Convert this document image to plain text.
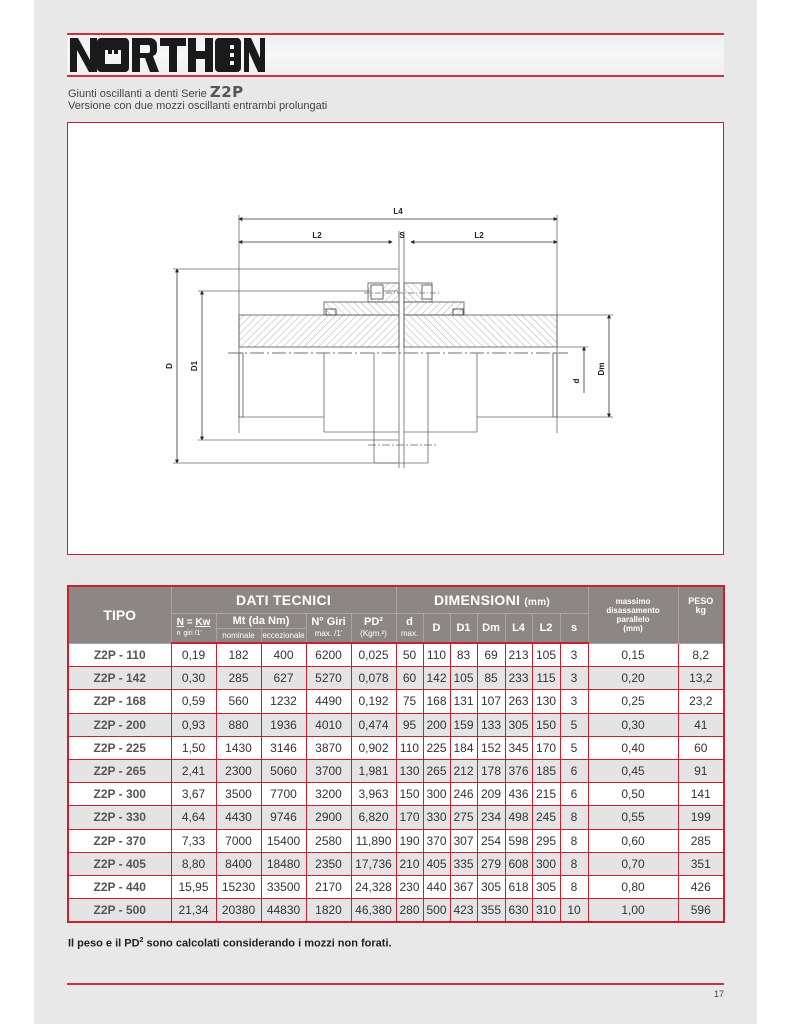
Giunti oscillanti a denti Serie Z2P
Versione con due mozzi oscillanti entrambi prolungati
L4
L2	S	L2
D D1
d
Dm
TIPO	DATI TECNICI					DIMENSIONI (mm)							massimo
disassamento
parallelo
(mm)	PESO
kg
N = Kw
n giri /1'	
Mt (da Nm)
nominale eccezionale
	N° Giri
max. /1'
	PD²
(Kgm.²)
	d
max.	D	D1	Dm	L4	L2	s
Z2P - 110	0,19	182	400	6200	0,025	50	110	83	69	213	105	3	0,15	8,2
Z2P - 142	0,30	285	627	5270	0,078	60	142	105	85	233	115	3	0,20	13,2
Z2P - 168	0,59	560	1232	4490	0,192	75	168	131	107	263	130	3	0,25	23,2
Z2P - 200	0,93	880	1936	4010	0,474	95	200	159	133	305	150	5	0,30	41
Z2P - 225	1,50	1430	3146	3870	0,902	110	225	184	152	345	170	5	0,40	60
Z2P - 265	2,41	2300	5060	3700	1,981	130	265	212	178	376	185	6	0,45	91
Z2P - 300	3,67	3500	7700	3200	3,963	150	300	246	209	436	215	6	0,50	141
Z2P - 330	4,64	4430	9746	2900	6,820	170	330	275	234	498	245	8	0,55	199
Z2P - 370	7,33	7000	15400	2580	11,890	190	370	307	254	598	295	8	0,60	285
Z2P - 405	8,80	8400	18480	2350	17,736	210	405	335	279	608	300	8	0,70	351
Z2P - 440	15,95	15230	33500	2170	24,328	230	440	367	305	618	305	8	0,80	426
Z2P - 500	21,34	20380	44830	1820	46,380	280	500	423	355	630	310	10	1,00	596
Il peso e il $PD^2$ sono calcolati considerando i mozzi non forati.
17
